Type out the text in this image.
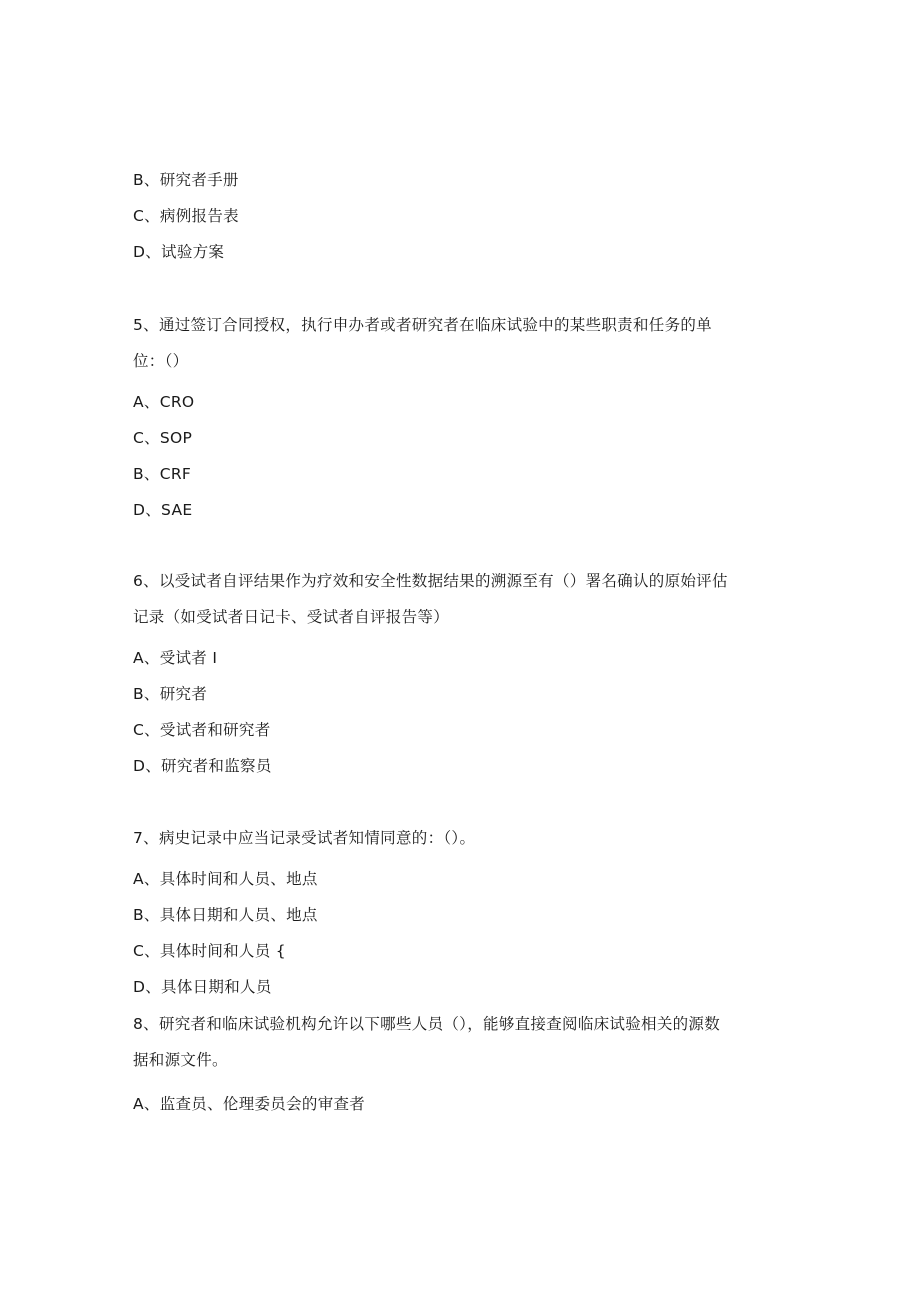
B、研究者手册
C、病例报告表
D、试验方案
5、通过签订合同授权，执行申办者或者研究者在临床试验中的某些职责和任务的单
位：（）
A、CRO
C、SOP
B、CRF
D、SAE
6、以受试者自评结果作为疗效和安全性数据结果的溯源至有（）署名确认的原始评估
记录（如受试者日记卡、受试者自评报告等）
A、受试者 I
B、研究者
C、受试者和研究者
D、研究者和监察员
7、病史记录中应当记录受试者知情同意的：（）。
A、具体时间和人员、地点
B、具体日期和人员、地点
C、具体时间和人员 {
D、具体日期和人员
8、研究者和临床试验机构允许以下哪些人员（），能够直接查阅临床试验相关的源数
据和源文件。
A、监查员、伦理委员会的审查者
